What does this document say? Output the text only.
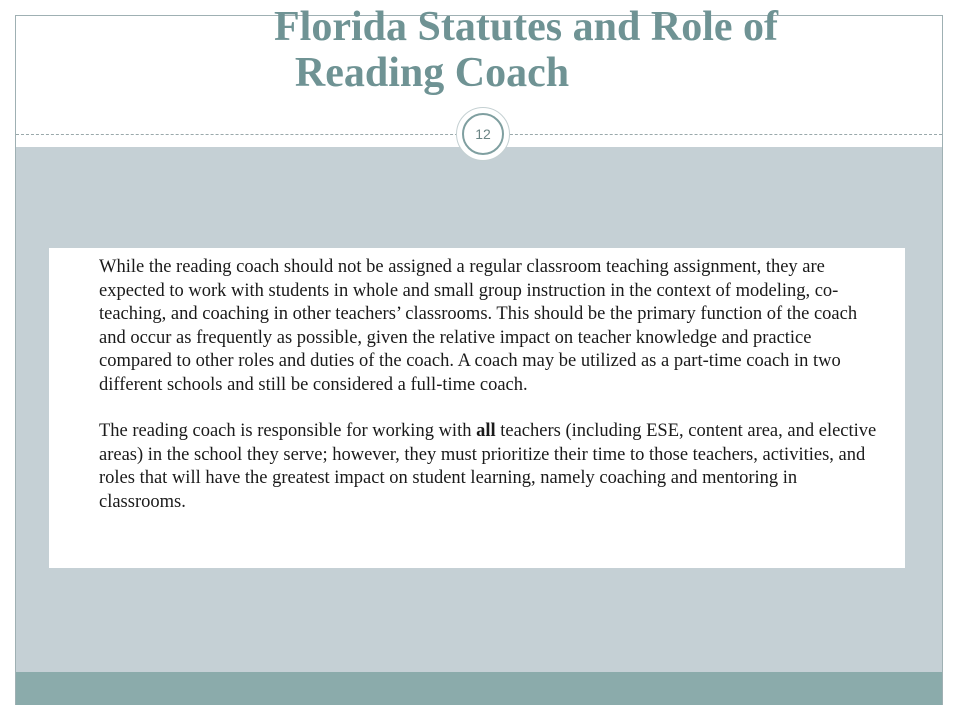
Florida Statutes and Role of
Reading Coach
12

While the reading coach should not be assigned a regular classroom teaching assignment, they are expected to work with students in whole and small group instruction in the context of modeling, co-teaching, and coaching in other teachers’ classrooms. This should be the primary function of the coach and occur as frequently as possible, given the relative impact on teacher knowledge and practice compared to other roles and duties of the coach. A coach may be utilized as a part-time coach in two different schools and still be considered a full-time coach.

The reading coach is responsible for working with all teachers (including ESE, content area, and elective areas) in the school they serve; however, they must prioritize their time to those teachers, activities, and roles that will have the greatest impact on student learning, namely coaching and mentoring in classrooms.
